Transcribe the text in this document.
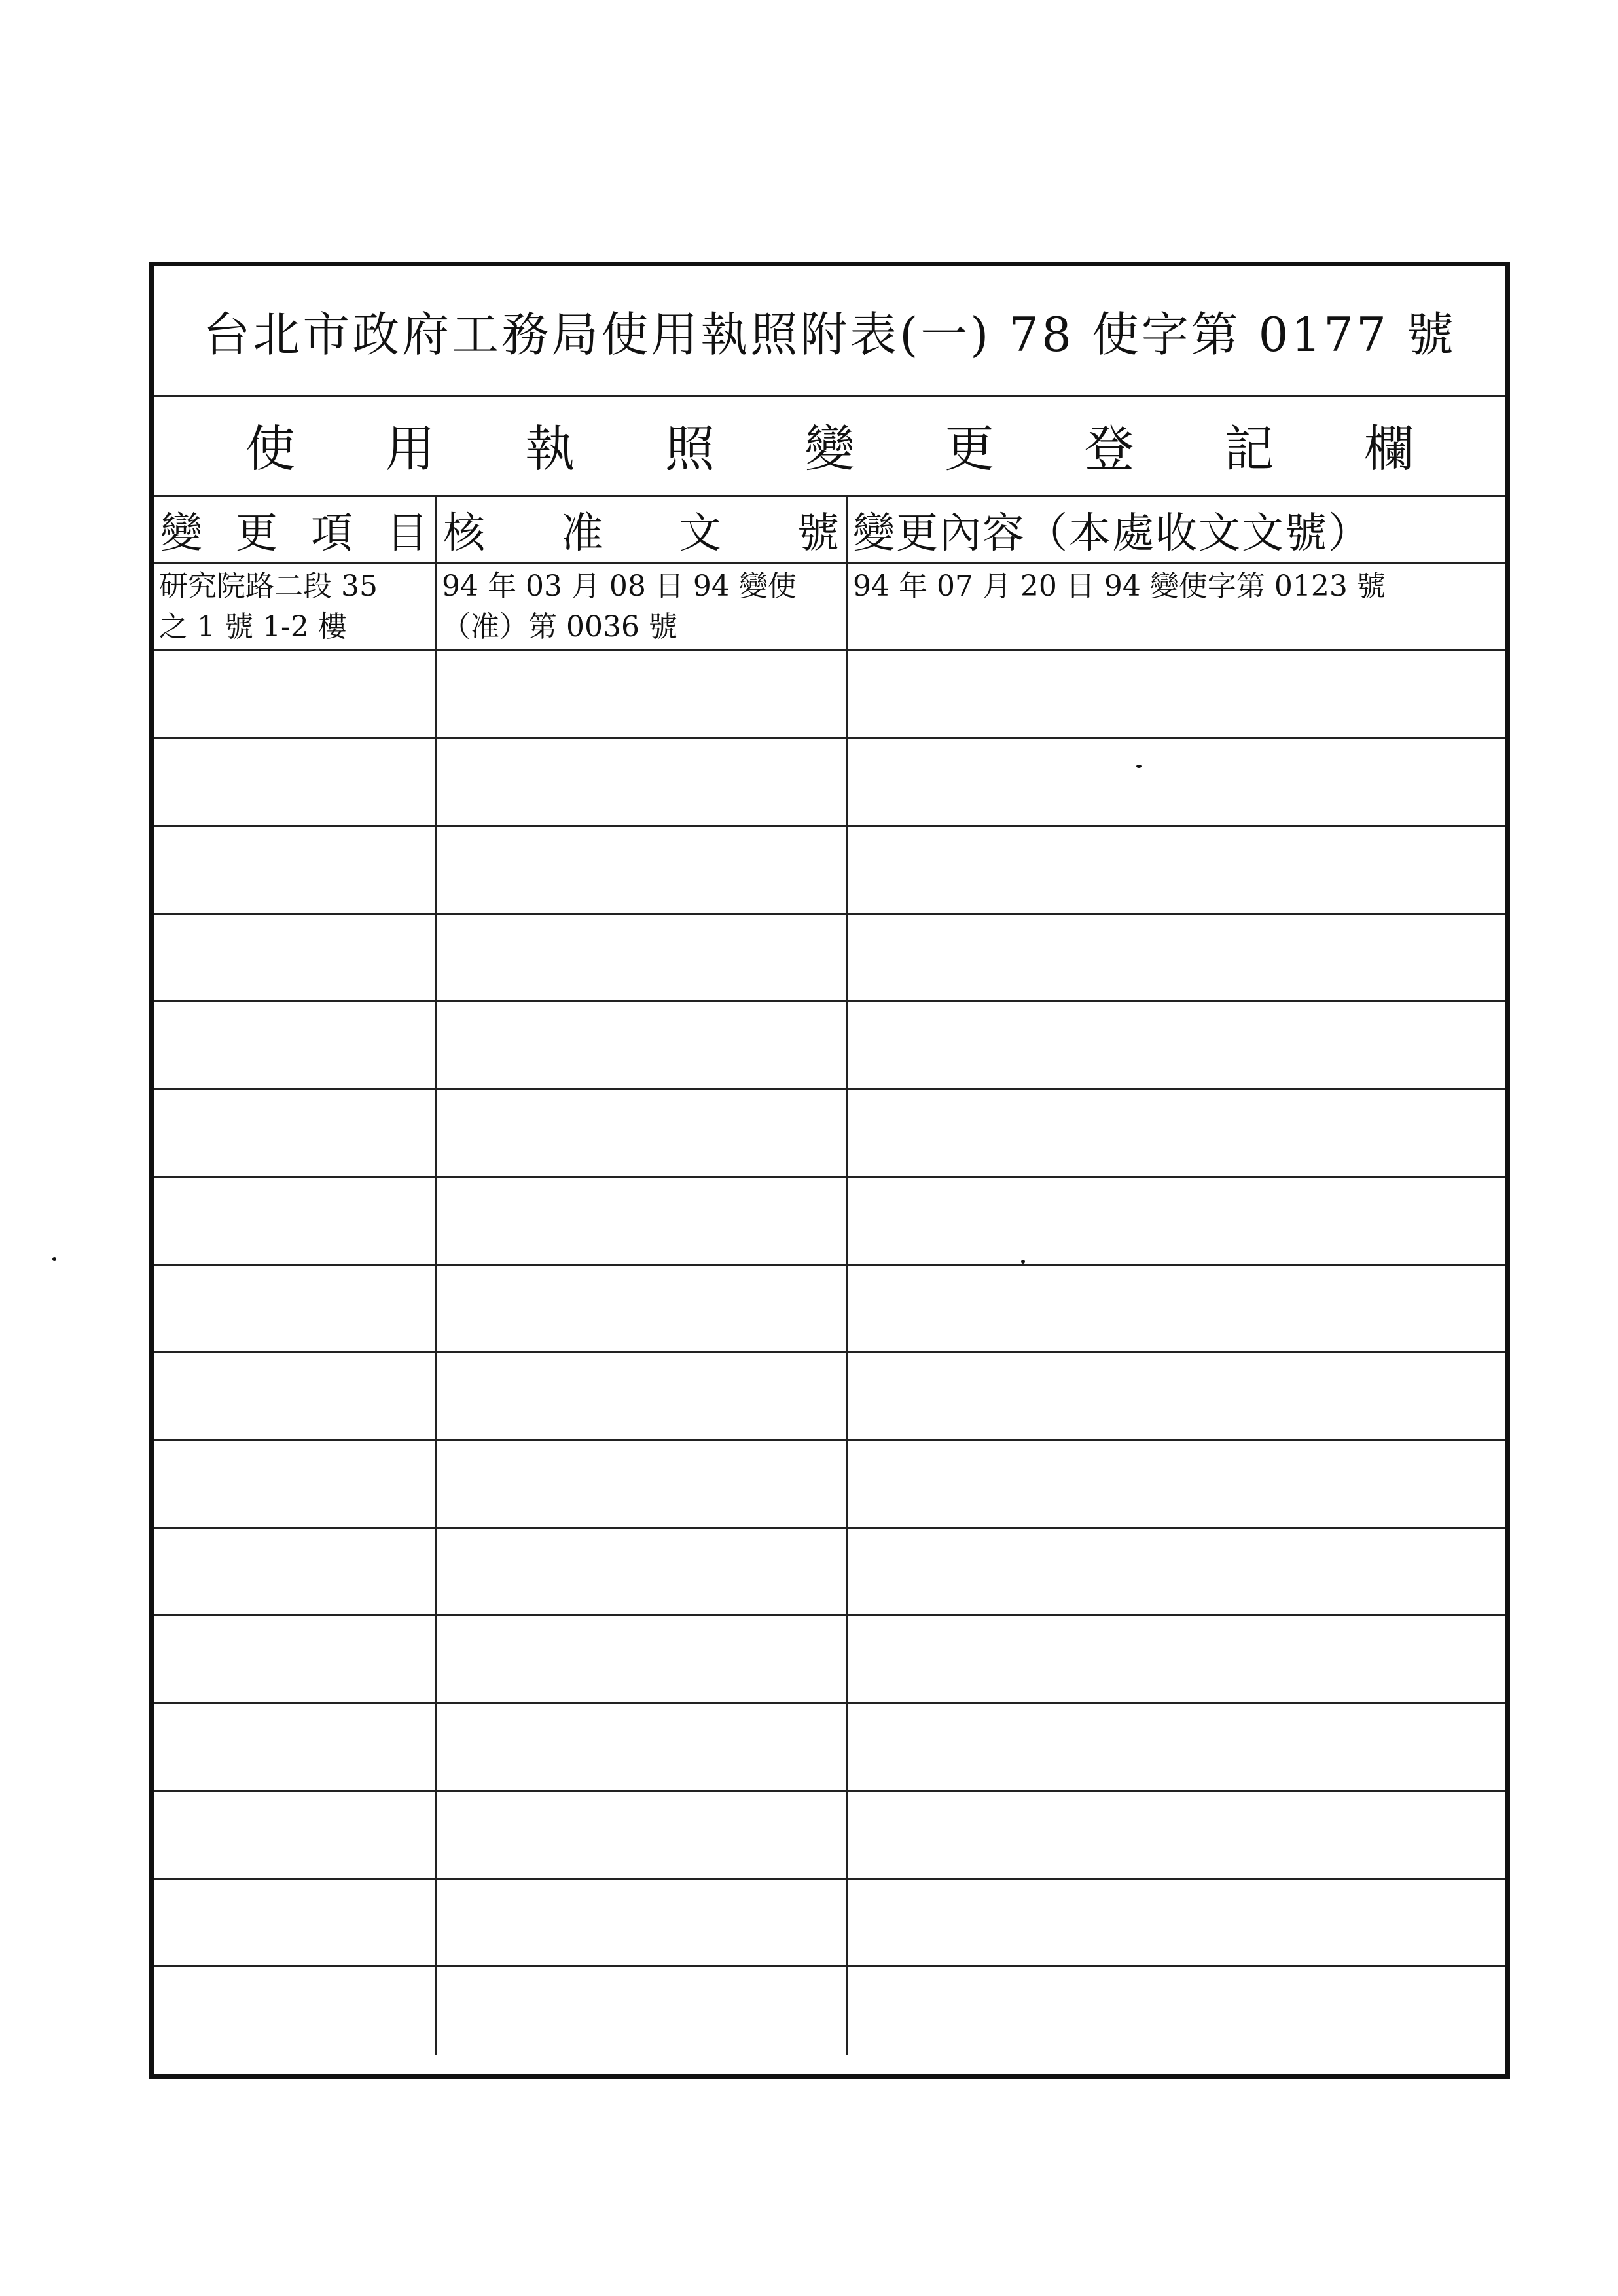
台北市政府工務局使用執照附表(一) 78 使字第 0177 號
使 用 執 照 變 更 登 記 欄
變 更 項 目 核 准 文 號 變更內容（本處收文文號）
研究院路二段 35
之 1 號 1-2 樓
94 年 03 月 08 日 94 變使
（准）第 0036 號
94 年 07 月 20 日 94 變使字第 0123 號
